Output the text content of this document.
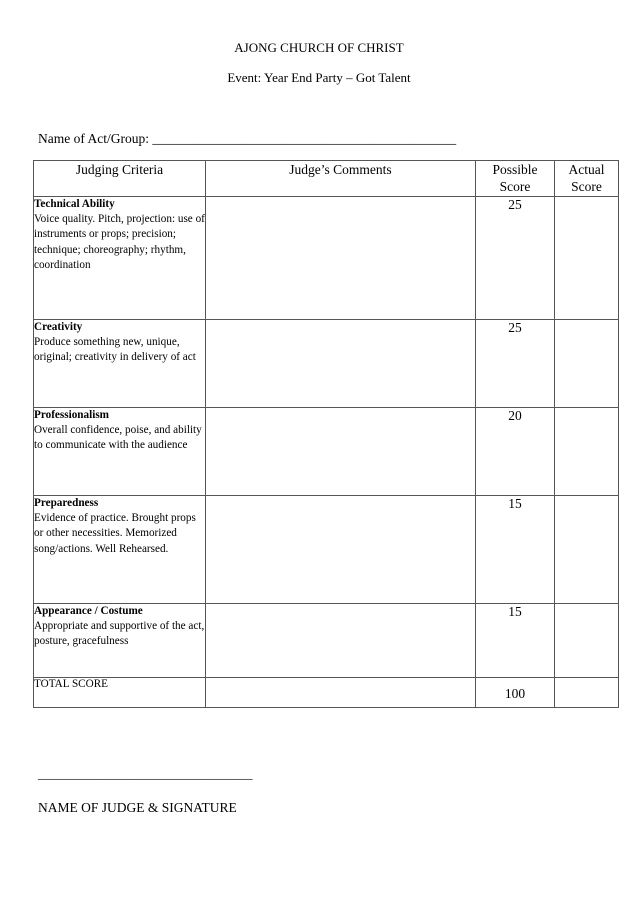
AJONG CHURCH OF CHRIST
Event: Year End Party – Got Talent
Name of Act/Group: _____________________________________________
Judging Criteria	Judge’s Comments	Possible Score	Actual Score

Technical Ability
Voice quality. Pitch, projection: use of instruments or props; precision; technique; choreography; rhythm, coordination		25	

Creativity
Produce something new, unique, original; creativity in delivery of act		25	

Professionalism
Overall confidence, poise, and ability to communicate with the audience		20	

Preparedness
Evidence of practice. Brought props or other necessities. Memorized song/actions. Well Rehearsed.		15	

Appearance / Costume
Appropriate and supportive of the act, posture, gracefulness		15	
TOTAL SCORE		100	
_________________________________
NAME OF JUDGE & SIGNATURE
